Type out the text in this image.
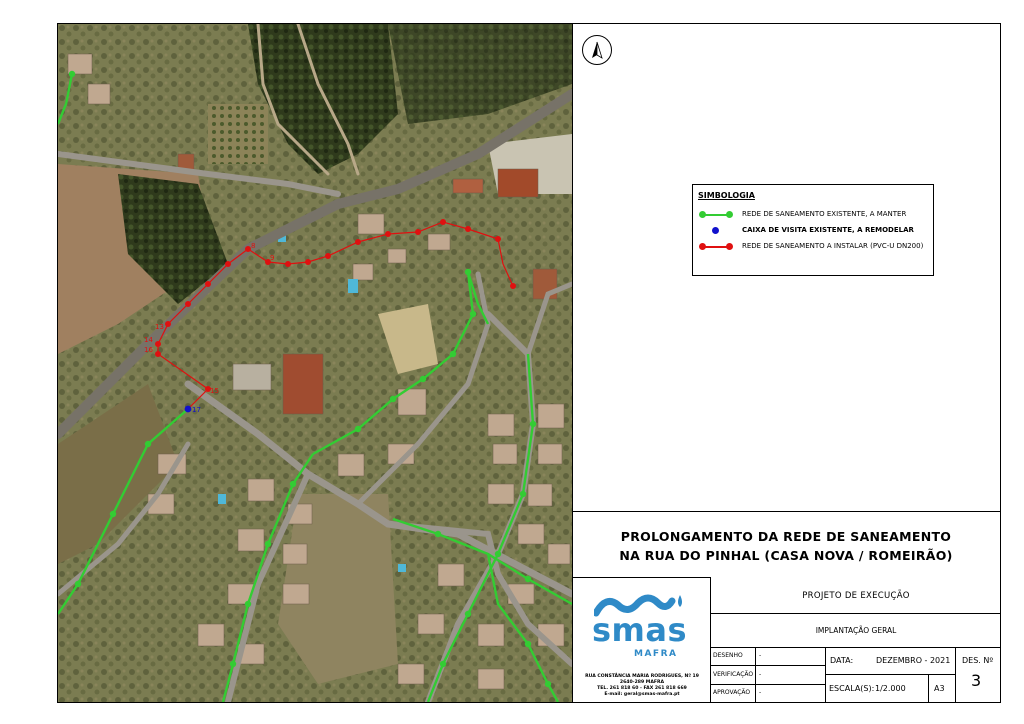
8
9
13
14
15
16
17
SIMBOLOGIA
REDE DE SANEAMENTO EXISTENTE, A MANTER
CAIXA DE VISITA EXISTENTE, A REMODELAR
REDE DE SANEAMENTO A INSTALAR (PVC-U DN200)
PROLONGAMENTO DA REDE DE SANEAMENTO
NA RUA DO PINHAL (CASA NOVA / ROMEIRÃO)
smas
MAFRA
RUA CONSTÂNCIA MARIA RODRIGUES, Nº 19
2640-289 MAFRA
TEL. 261 818 60 - FAX 261 818 669
E-mail: geral@smas-mafra.pt
PROJETO DE EXECUÇÃO
IMPLANTAÇÃO GERAL
DESENHO	-
VERIFICAÇÃO -
APROVAÇÃO -
DATA:	DEZEMBRO - 2021
ESCALA(S): 1/2.000	A3
DES. Nº
3
